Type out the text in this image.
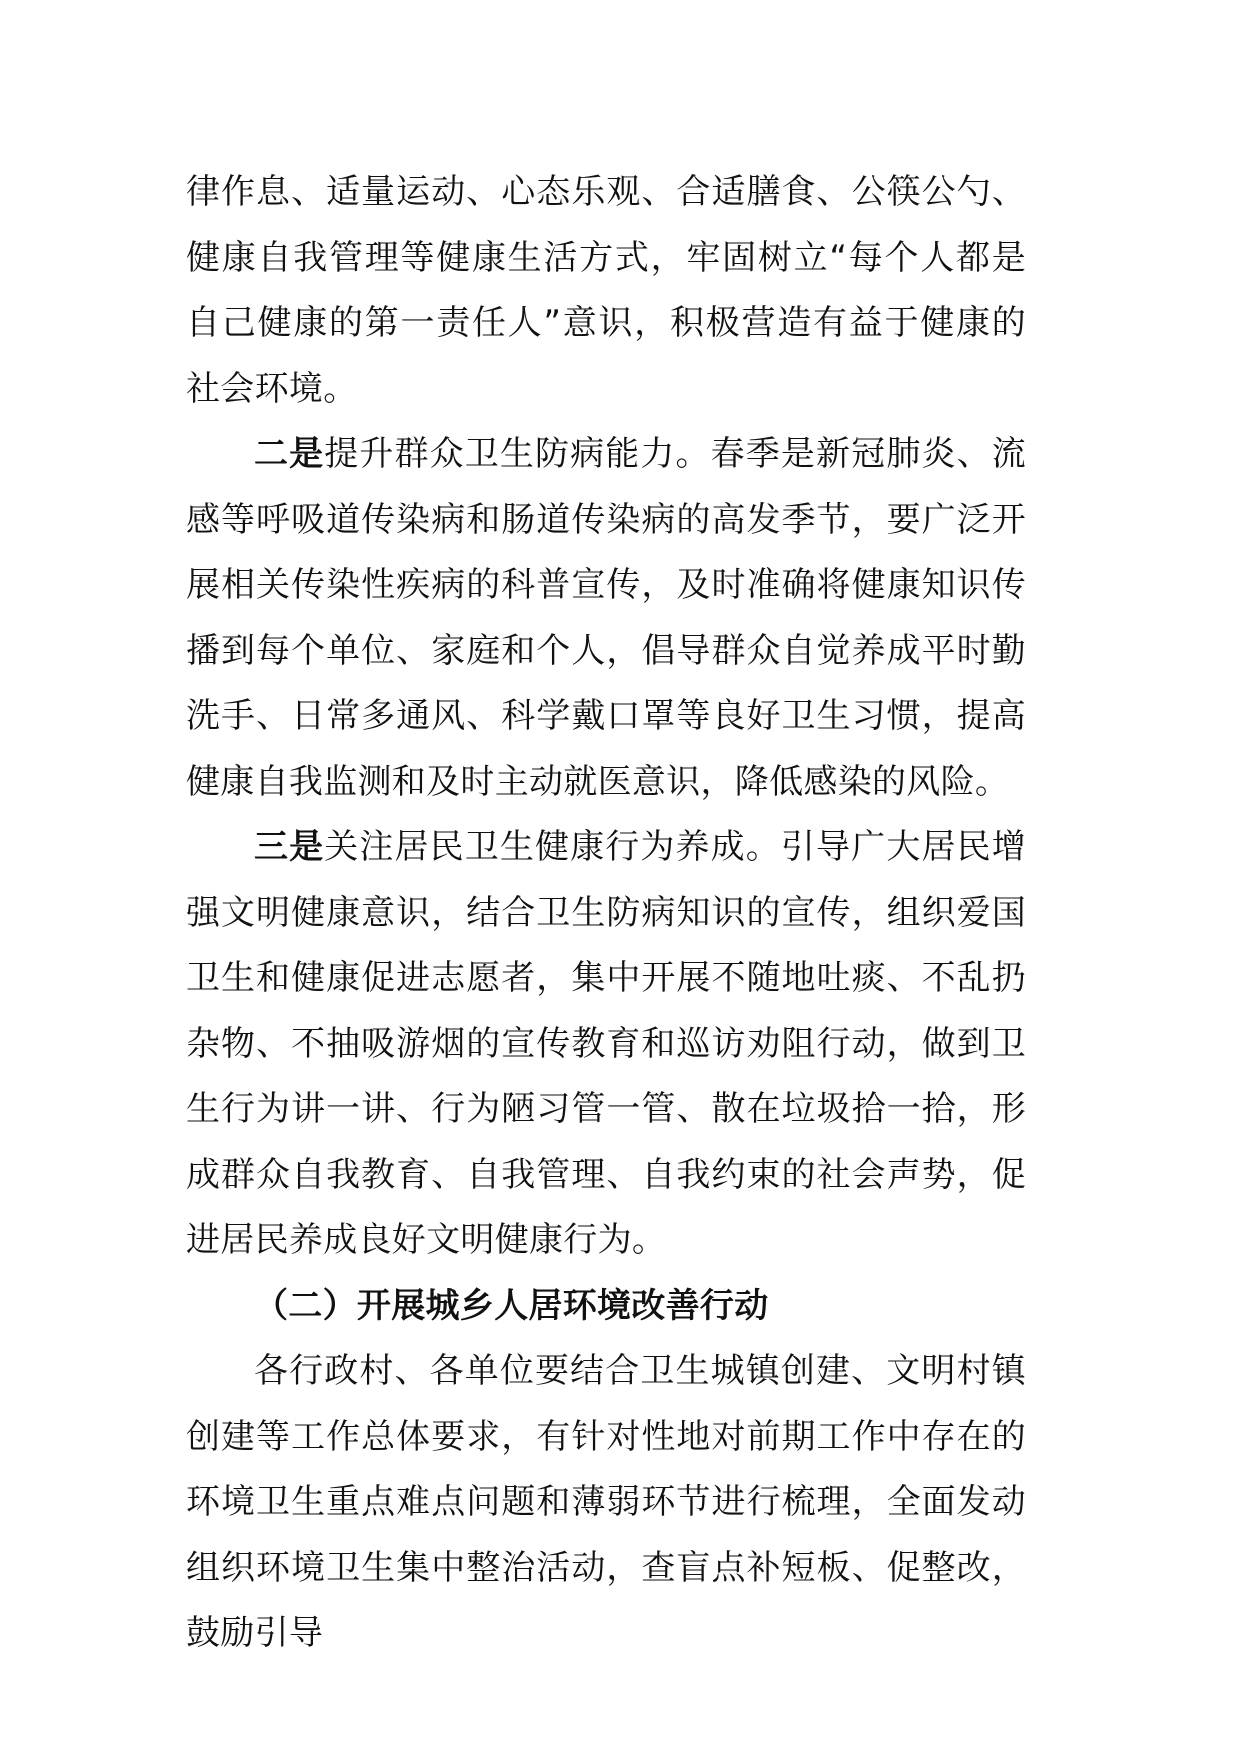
律作息、适量运动、心态乐观、合适膳食、公筷公勺、健康自我管理等健康生活方式，牢固树立“每个人都是自己健康的第一责任人”意识，积极营造有益于健康的社会环境。

二是提升群众卫生防病能力。春季是新冠肺炎、流感等呼吸道传染病和肠道传染病的高发季节，要广泛开展相关传染性疾病的科普宣传，及时准确将健康知识传播到每个单位、家庭和个人，倡导群众自觉养成平时勤洗手、日常多通风、科学戴口罩等良好卫生习惯，提高健康自我监测和及时主动就医意识，降低感染的风险。

三是关注居民卫生健康行为养成。引导广大居民增强文明健康意识，结合卫生防病知识的宣传，组织爱国卫生和健康促进志愿者，集中开展不随地吐痰、不乱扔杂物、不抽吸游烟的宣传教育和巡访劝阻行动，做到卫生行为讲一讲、行为陋习管一管、散在垃圾拾一拾，形成群众自我教育、自我管理、自我约束的社会声势，促进居民养成良好文明健康行为。

（二）开展城乡人居环境改善行动

各行政村、各单位要结合卫生城镇创建、文明村镇创建等工作总体要求，有针对性地对前期工作中存在的环境卫生重点难点问题和薄弱环节进行梳理，全面发动组织环境卫生集中整治活动，查盲点补短板、促整改，鼓励引导
